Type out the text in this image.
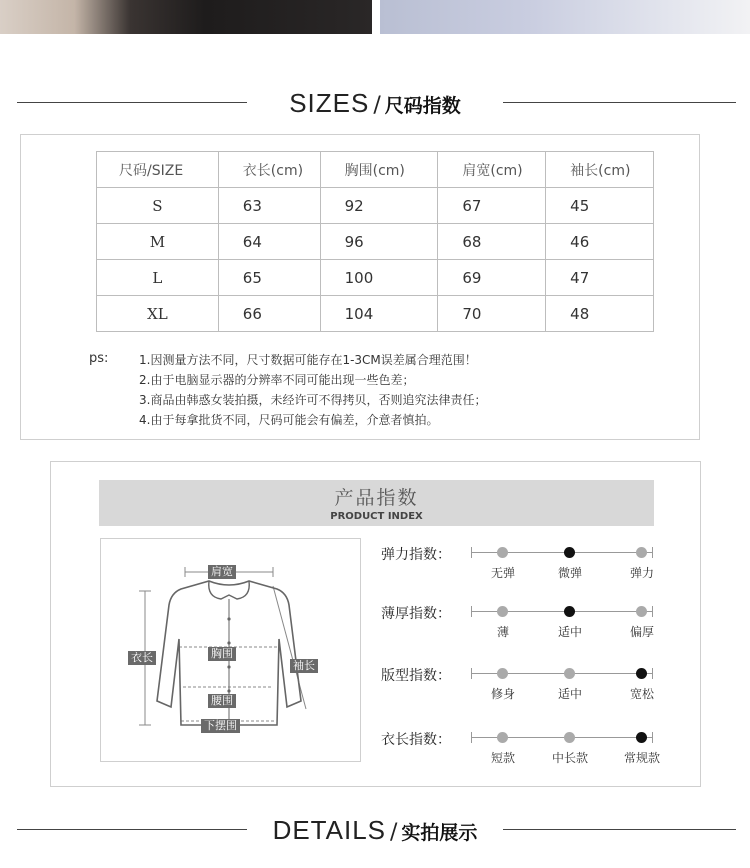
SIZES / 尺码指数
尺码/SIZE	衣长(cm)	胸围(cm)	肩宽(cm)	袖长(cm)
S	63	92	67	45
M	64	96	68	46
L	65	100	69	47
XL	66	104	70	48
ps:	1.因测量方法不同，尺寸数据可能存在1-3CM误差属合理范围！
2.由于电脑显示器的分辨率不同可能出现一些色差；
3.商品由韩惑女装拍摄，未经许可不得拷贝，否则追究法律责任；
4.由于每拿批货不同，尺码可能会有偏差，介意者慎拍。
产品指数
PRODUCT INDEX
肩宽
衣长	胸围
袖长
腰围
下摆围
弹力指数：
无弹	微弹	弹力
薄厚指数：
薄	适中	偏厚
版型指数：
修身	适中	宽松
衣长指数：
短款	中长款	常规款
DETAILS / 实拍展示
